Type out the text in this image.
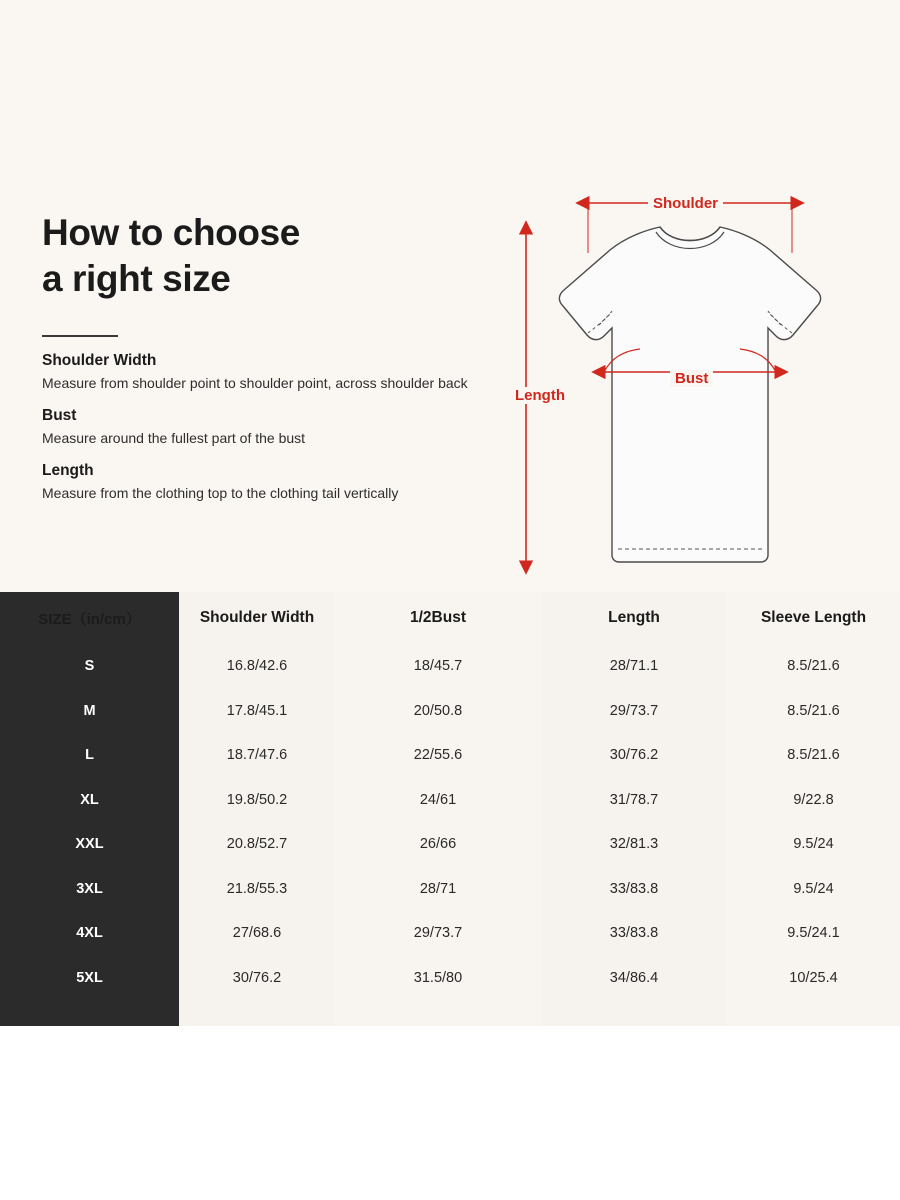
How to choose
a right size
Shoulder Width
Measure from shoulder point to shoulder point, across shoulder back
Bust
Measure around the fullest part of the bust
Length
Measure from the clothing top to the clothing tail vertically
Shoulder
Bust
Length
SIZE（in/cm）
S
M
L
XL
XXL
3XL
4XL
5XL
Shoulder Width
16.8/42.6
17.8/45.1
18.7/47.6
19.8/50.2
20.8/52.7
21.8/55.3
27/68.6
30/76.2
1/2Bust
18/45.7
20/50.8
22/55.6
24/61
26/66
28/71
29/73.7
31.5/80
Length
28/71.1
29/73.7
30/76.2
31/78.7
32/81.3
33/83.8
33/83.8
34/86.4
Sleeve Length
8.5/21.6
8.5/21.6
8.5/21.6
9/22.8
9.5/24
9.5/24
9.5/24.1
10/25.4
